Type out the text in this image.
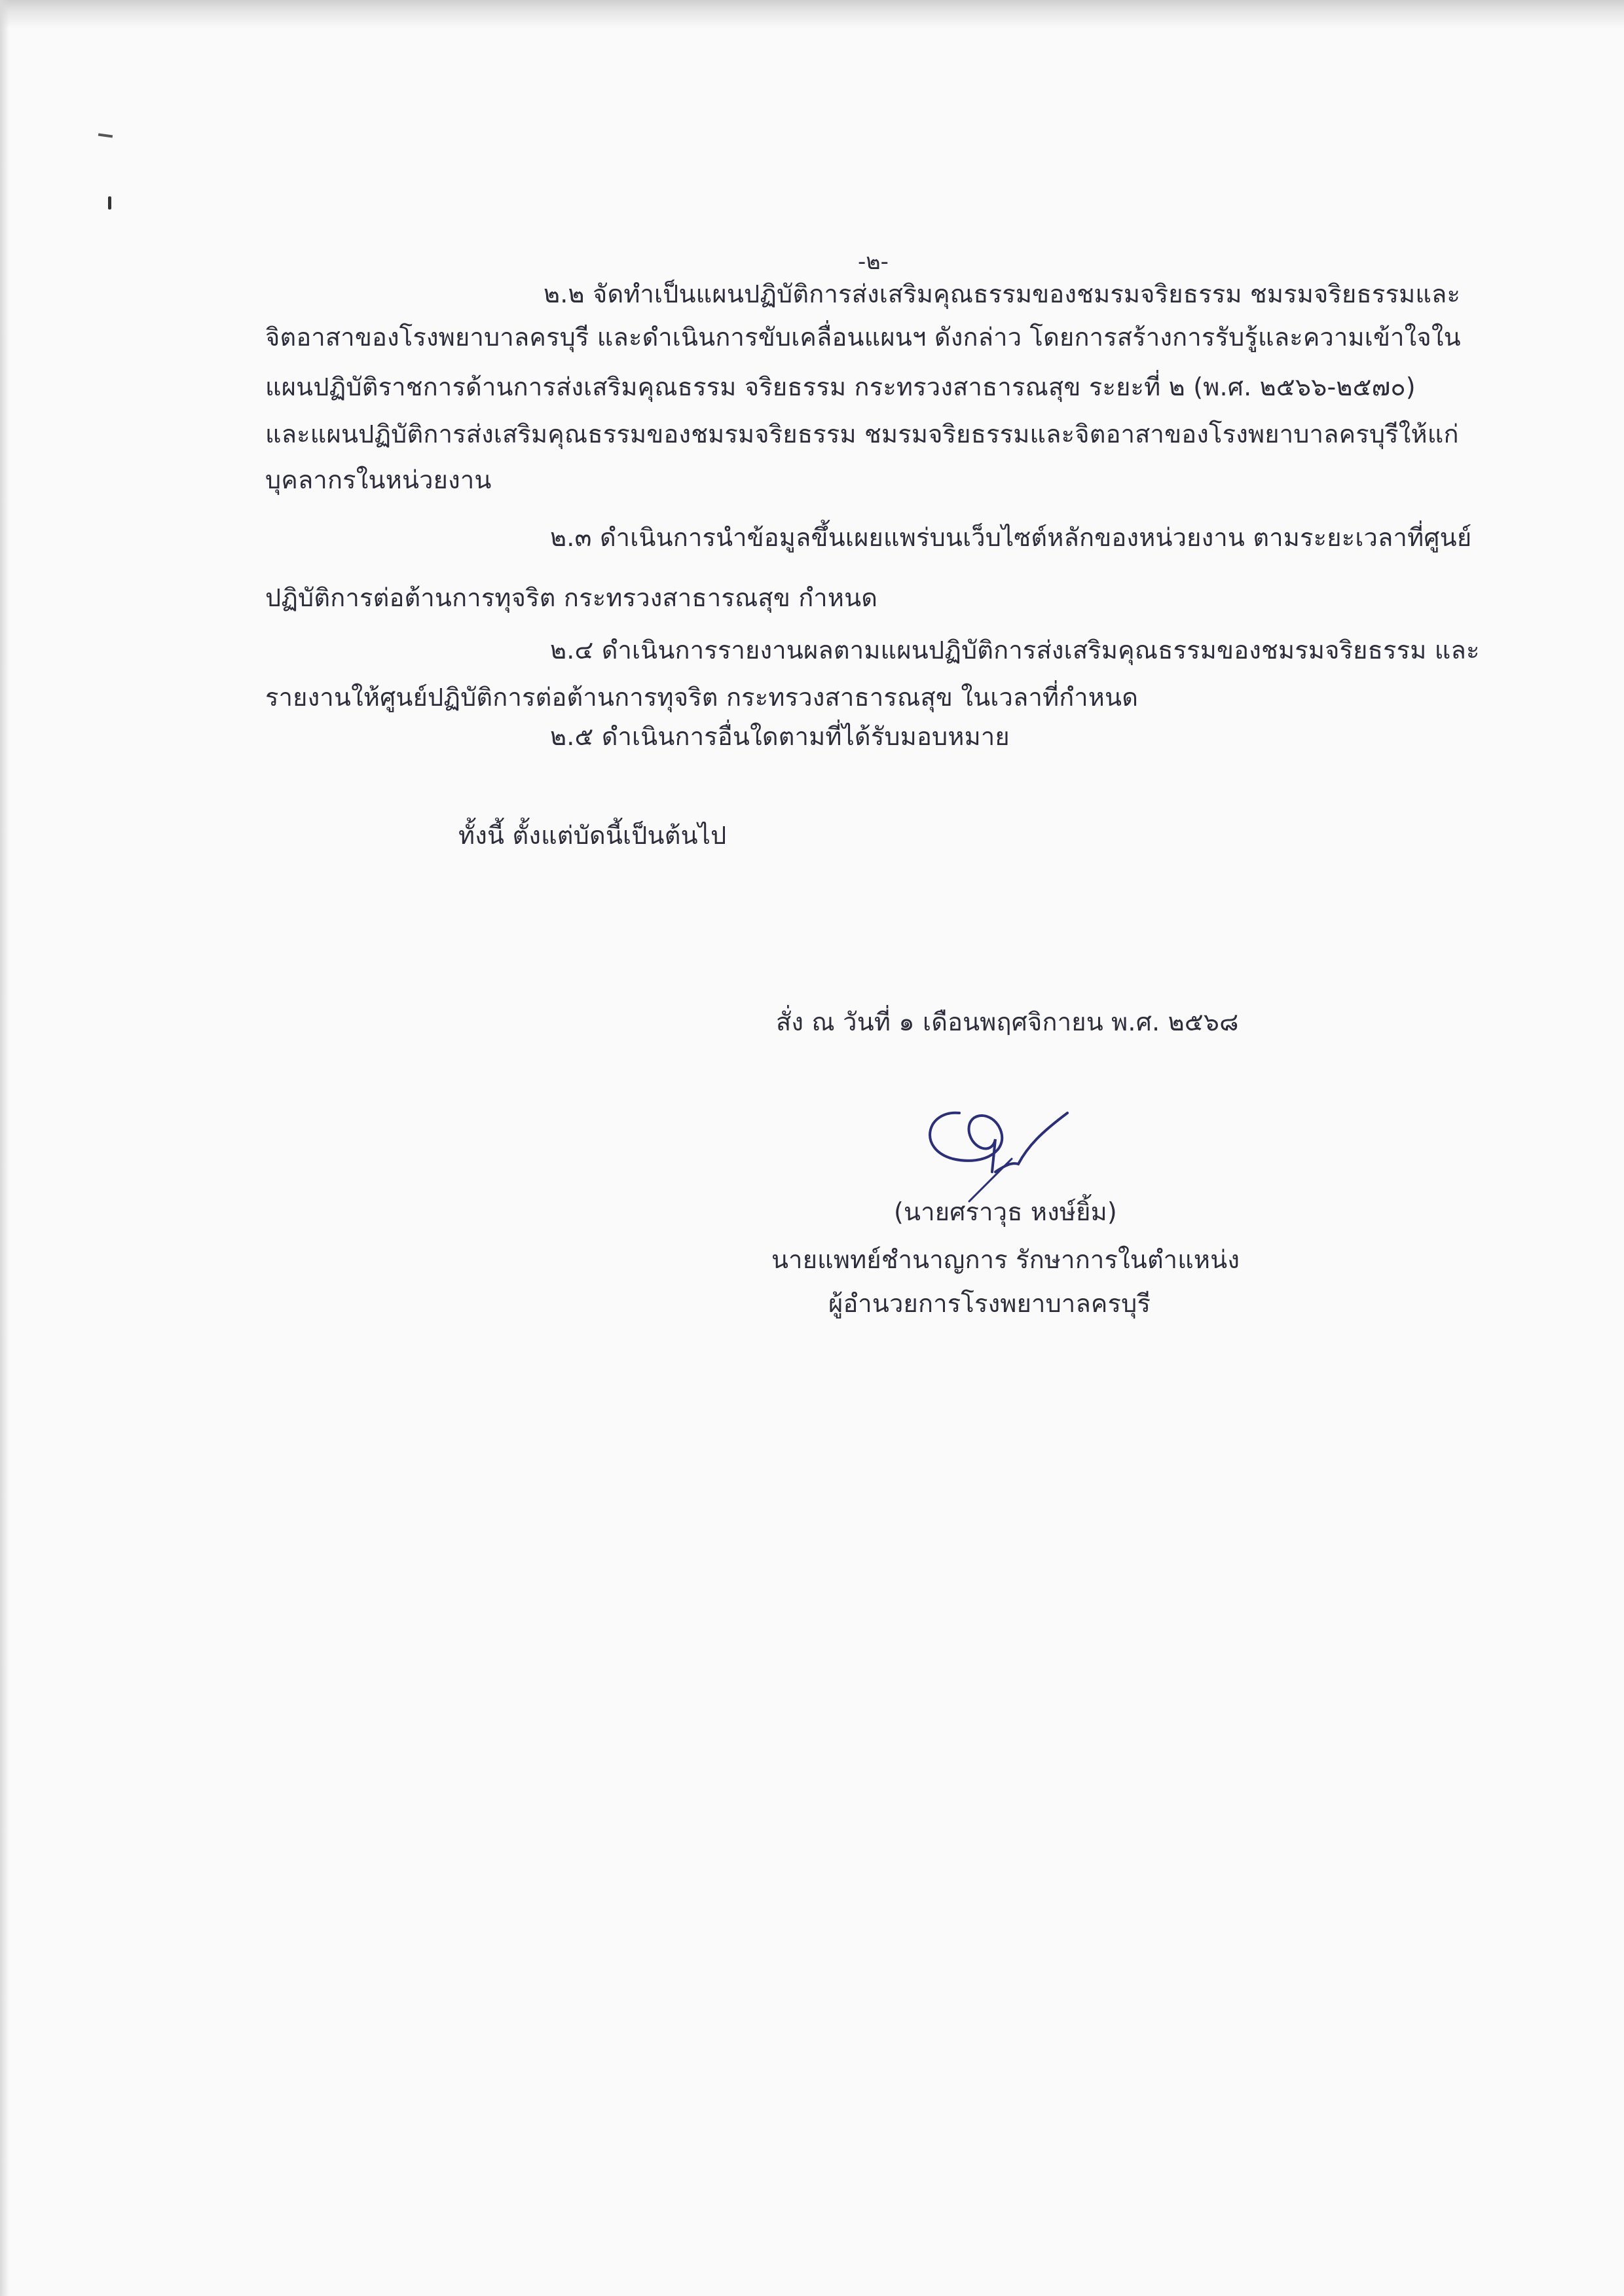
-๒-
๒.๒ จัดทำเป็นแผนปฏิบัติการส่งเสริมคุณธรรมของชมรมจริยธรรม ชมรมจริยธรรมและ
จิตอาสาของโรงพยาบาลครบุรี และดำเนินการขับเคลื่อนแผนฯ ดังกล่าว โดยการสร้างการรับรู้และความเข้าใจใน
แผนปฏิบัติราชการด้านการส่งเสริมคุณธรรม จริยธรรม กระทรวงสาธารณสุข ระยะที่ ๒ (พ.ศ. ๒๕๖๖-๒๕๗๐)
และแผนปฏิบัติการส่งเสริมคุณธรรมของชมรมจริยธรรม ชมรมจริยธรรมและจิตอาสาของโรงพยาบาลครบุรีให้แก่
บุคลากรในหน่วยงาน
๒.๓ ดำเนินการนำข้อมูลขึ้นเผยแพร่บนเว็บไซต์หลักของหน่วยงาน ตามระยะเวลาที่ศูนย์
ปฏิบัติการต่อต้านการทุจริต กระทรวงสาธารณสุข กำหนด
๒.๔ ดำเนินการรายงานผลตามแผนปฏิบัติการส่งเสริมคุณธรรมของชมรมจริยธรรม และ
รายงานให้ศูนย์ปฏิบัติการต่อต้านการทุจริต กระทรวงสาธารณสุข ในเวลาที่กำหนด
๒.๕ ดำเนินการอื่นใดตามที่ได้รับมอบหมาย
ทั้งนี้ ตั้งแต่บัดนี้เป็นต้นไป
สั่ง ณ วันที่ ๑ เดือนพฤศจิกายน พ.ศ. ๒๕๖๘
(นายศราวุธ หงษ์ยิ้ม)
นายแพทย์ชำนาญการ รักษาการในตำแหน่ง
ผู้อำนวยการโรงพยาบาลครบุรี
